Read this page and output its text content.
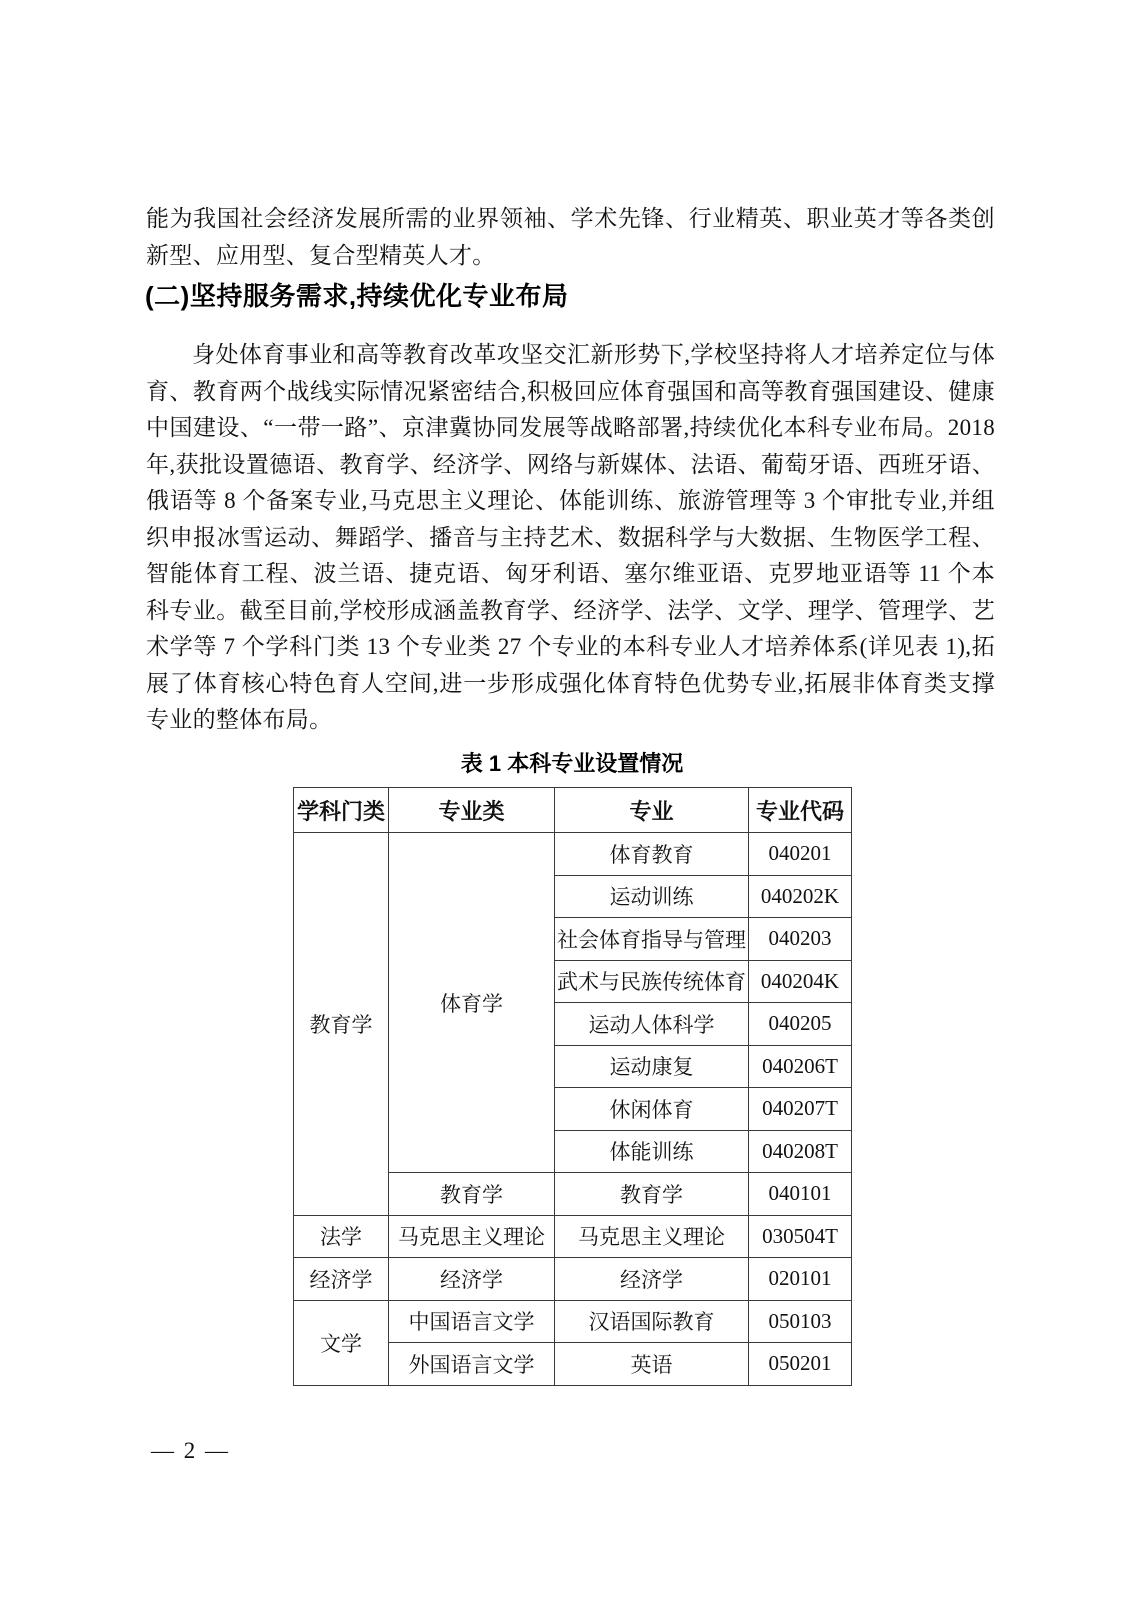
能为我国社会经济发展所需的业界领袖、学术先锋、行业精英、职业英才等各类创新型、应用型、复合型精英人才。
(二)坚持服务需求,持续优化专业布局
身处体育事业和高等教育改革攻坚交汇新形势下,学校坚持将人才培养定位与体育、教育两个战线实际情况紧密结合,积极回应体育强国和高等教育强国建设、健康中国建设、“一带一路”、京津冀协同发展等战略部署,持续优化本科专业布局。2018 年,获批设置德语、教育学、经济学、网络与新媒体、法语、葡萄牙语、西班牙语、俄语等 8 个备案专业,马克思主义理论、体能训练、旅游管理等 3 个审批专业,并组织申报冰雪运动、舞蹈学、播音与主持艺术、数据科学与大数据、生物医学工程、智能体育工程、波兰语、捷克语、匈牙利语、塞尔维亚语、克罗地亚语等 11 个本科专业。截至目前,学校形成涵盖教育学、经济学、法学、文学、理学、管理学、艺术学等 7 个学科门类 13 个专业类 27 个专业的本科专业人才培养体系(详见表 1),拓展了体育核心特色育人空间,进一步形成强化体育特色优势专业,拓展非体育类支撑专业的整体布局。
表 1 本科专业设置情况
学科门类	专业类	专业	专业代码
教育学	体育学	体育教育	040201
		运动训练	040202K
		社会体育指导与管理	040203
		武术与民族传统体育	040204K
		运动人体科学	040205
		运动康复	040206T
		休闲体育	040207T
		体能训练	040208T
	教育学	教育学	040101
法学	马克思主义理论	马克思主义理论	030504T
经济学	经济学	经济学	020101
文学	中国语言文学	汉语国际教育	050103
	外国语言文学	英语	050201
— 2 —
